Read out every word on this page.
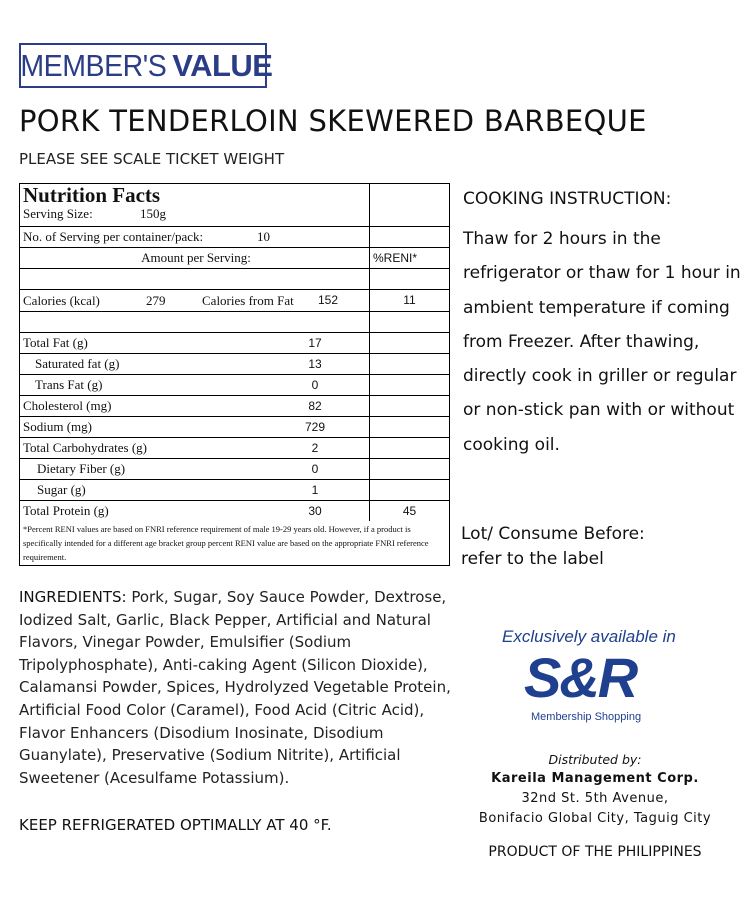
MEMBER'S VALUE
PORK TENDERLOIN SKEWERED BARBEQUE
PLEASE SEE SCALE TICKET WEIGHT
Nutrition Facts
Serving Size:	150g
No. of Serving per container/pack:	10
Amount per Serving:	%RENI*
Calories (kcal)	279	Calories from Fat 152	11
Total Fat (g)	17
Saturated fat (g)	13
Trans Fat (g)	0
Cholesterol (mg)	82
Sodium (mg)	729
Total Carbohydrates (g)	2
Dietary Fiber (g)	0
Sugar (g)	1
Total Protein (g)	30	45
*Percent RENI values are based on FNRI reference requirement of male 19-29 years old. However, if a product is specifically intended for a different age bracket group percent RENI value are based on the appropriate FNRI reference requirement.
COOKING INSTRUCTION:
Thaw for 2 hours in the refrigerator or thaw for 1 hour in ambient temperature if coming from Freezer. After thawing, directly cook in griller or regular or non-stick pan with or without cooking oil.
Lot/ Consume Before:
refer to the label
INGREDIENTS: Pork, Sugar, Soy Sauce Powder, Dextrose, Iodized Salt, Garlic, Black Pepper, Artificial and Natural Flavors, Vinegar Powder, Emulsifier (Sodium Tripolyphosphate), Anti-caking Agent (Silicon Dioxide), Calamansi Powder, Spices, Hydrolyzed Vegetable Protein, Artificial Food Color (Caramel), Food Acid (Citric Acid), Flavor Enhancers (Disodium Inosinate, Disodium Guanylate), Preservative (Sodium Nitrite), Artificial Sweetener (Acesulfame Potassium).
KEEP REFRIGERATED OPTIMALLY AT 40 °F.
Exclusively available in
S&R
Membership Shopping
Distributed by:
Kareila Management Corp.
32nd St. 5th Avenue,
Bonifacio Global City, Taguig City
PRODUCT OF THE PHILIPPINES
